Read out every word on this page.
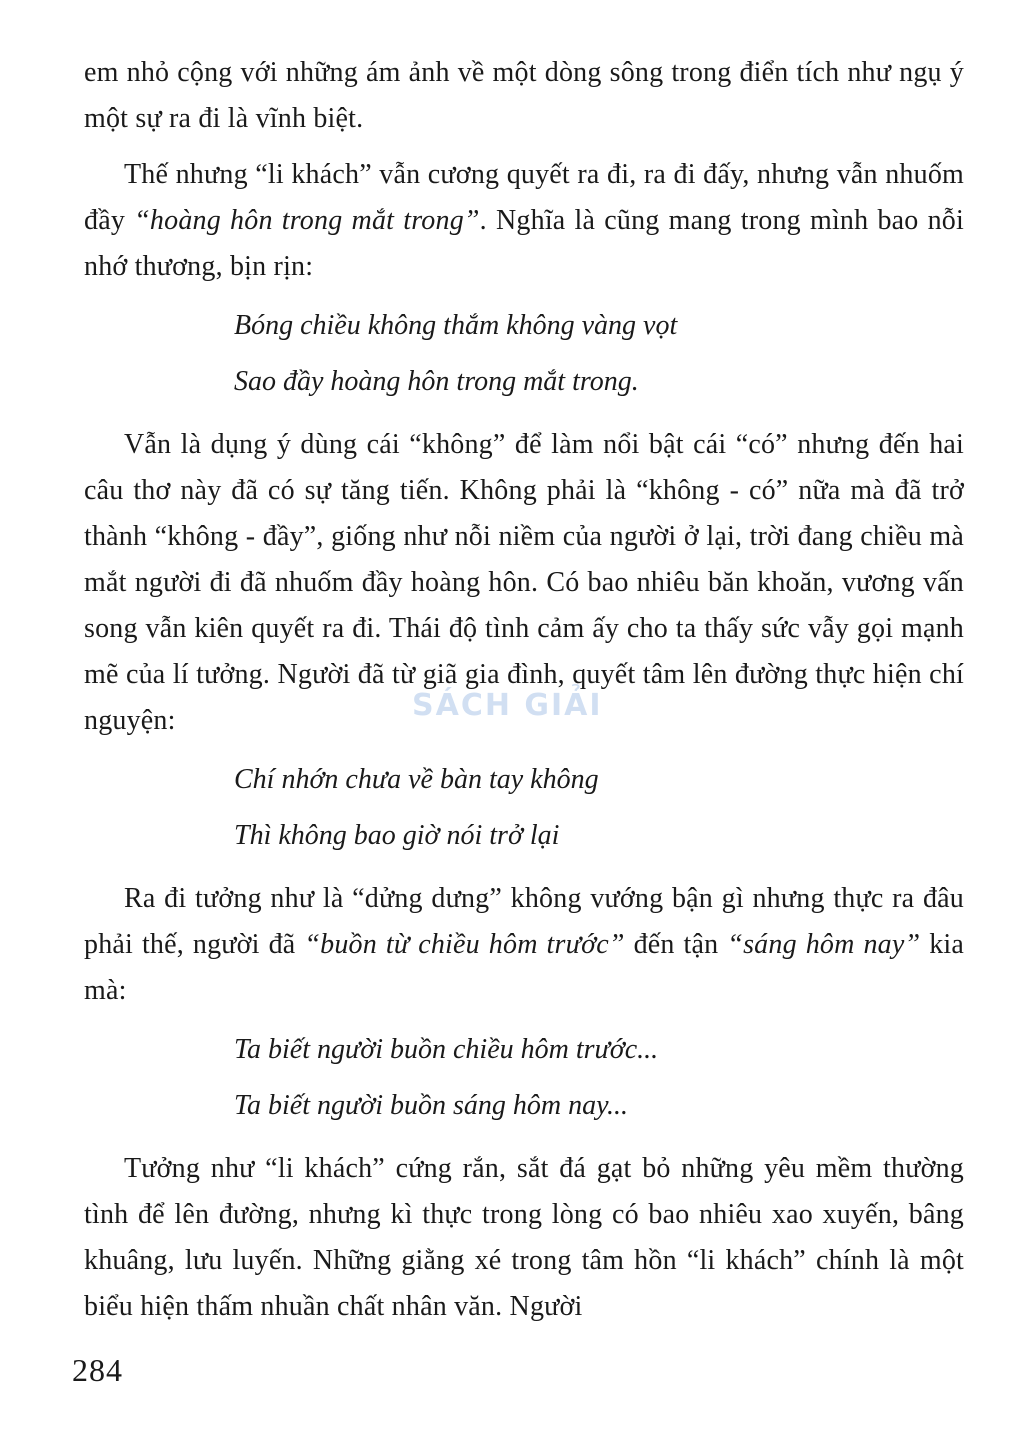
em nhỏ cộng với những ám ảnh về một dòng sông trong điển tích như ngụ ý một sự ra đi là vĩnh biệt.

Thế nhưng “li khách” vẫn cương quyết ra đi, ra đi đấy, nhưng vẫn nhuốm đầy “hoàng hôn trong mắt trong”. Nghĩa là cũng mang trong mình bao nỗi nhớ thương, bịn rịn:

Bóng chiều không thắm không vàng vọt

Sao đầy hoàng hôn trong mắt trong.

Vẫn là dụng ý dùng cái “không” để làm nổi bật cái “có” nhưng đến hai câu thơ này đã có sự tăng tiến. Không phải là “không - có” nữa mà đã trở thành “không - đầy”, giống như nỗi niềm của người ở lại, trời đang chiều mà mắt người đi đã nhuốm đầy hoàng hôn. Có bao nhiêu băn khoăn, vương vấn song vẫn kiên quyết ra đi. Thái độ tình cảm ấy cho ta thấy sức vẫy gọi mạnh mẽ của lí tưởng. Người đã từ giã gia đình, quyết tâm lên đường thực hiện chí nguyện:

Chí nhớn chưa về bàn tay không

Thì không bao giờ nói trở lại

Ra đi tưởng như là “dửng dưng” không vướng bận gì nhưng thực ra đâu phải thế, người đã “buồn từ chiều hôm trước” đến tận “sáng hôm nay” kia mà:

Ta biết người buồn chiều hôm trước...

Ta biết người buồn sáng hôm nay...

Tưởng như “li khách” cứng rắn, sắt đá gạt bỏ những yêu mềm thường tình để lên đường, nhưng kì thực trong lòng có bao nhiêu xao xuyến, bâng khuâng, lưu luyến. Những giằng xé trong tâm hồn “li khách” chính là một biểu hiện thấm nhuần chất nhân văn. Người

SÁCH GIẢI
284
